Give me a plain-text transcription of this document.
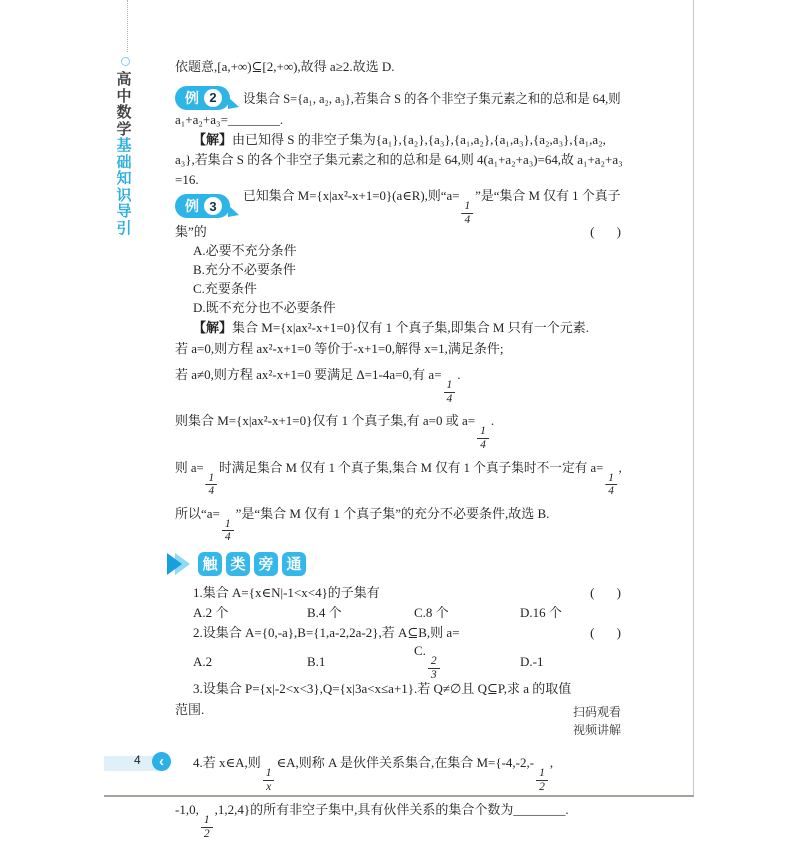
高中数学基础知识导引
依题意,[a,+∞)⊆[2,+∞),故得 a≥2.故选 D.
例 2	设集合 S={a₁, a₂, a₃},若集合 S 的各个非空子集元素之和的总和是 64,则
a₁+a₂+a₃=________.
【解】由已知得 S 的非空子集为{a₁},{a₂},{a₃},{a₁,a₂},{a₁,a₃},{a₂,a₃},{a₁,a₂,
a₃},若集合 S 的各个非空子集元素之和的总和是 64,则 4(a₁+a₂+a₃)=64,故 a₁+a₂+a₃
=16.
例 3
已知集合 M={x|ax²-x+1=0}(a∈R),则“a=
$\frac{1}{4}$
”是“集合 M 仅有 1 个真子
集”的	(     )
A.必要不充分条件
B.充分不必要条件
C.充要条件
D.既不充分也不必要条件
【解】集合 M={x|ax²-x+1=0}仅有 1 个真子集,即集合 M 只有一个元素.
若 a=0,则方程 ax²-x+1=0 等价于-x+1=0,解得 x=1,满足条件;
若 a≠0,则方程 ax²-x+1=0 要满足 Δ=1-4a=0,有 a=
$\frac{1}{4}$
.
则集合 M={x|ax²-x+1=0}仅有 1 个真子集,有 a=0 或 a=
$\frac{1}{4}$
.
则 a=
$\frac{1}{4}$
时满足集合 M 仅有 1 个真子集,集合 M 仅有 1 个真子集时不一定有 a=
$\frac{1}{4}$
,
所以“a=
$\frac{1}{4}$
”是“集合 M 仅有 1 个真子集”的充分不必要条件,故选 B.
触 类 旁 通
1.集合 A={x∈N|-1<x<4}的子集有	(     )
A.2 个	B.4 个	C.8 个	D.16 个
2.设集合 A={0,-a},B={1,a-2,2a-2},若 A⊆B,则 a=	(     )
A.2	B.1
C.
$\frac{2}{3}$	D.-1
3.设集合 P={x|-2<x<3},Q={x|3a<x≤a+1}.若 Q≠∅且 Q⊆P,求 a 的取值
范围.
4.若 x∈A,则
$\frac{1}{x}$
∈A,则称 A 是伙伴关系集合,在集合 M={-4,-2,-
$\frac{1}{2}$
,
-1,0,
$\frac{1}{2}$
,1,2,4}的所有非空子集中,具有伙伴关系的集合个数为________.
扫码观看
视频讲解
4 ‹
